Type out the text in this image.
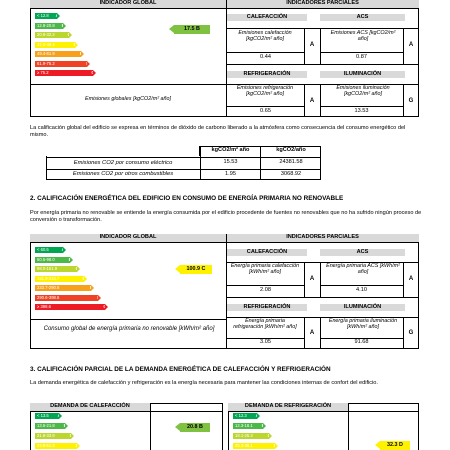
INDICADOR GLOBAL	INDICADORES PARCIALES
< 12.8 A
12.8-20.8 B
20.8-32.2	C
32.2-49.4	D
49.4-61.9	E
61.9-75.2	F
≥ 75.2	G
17.5 B
Emisiones globales [kgCO2/m² año]
CALEFACCIÓN	ACS
Emisiones calefacción [kgCO2/m² año]
A
Emisiones ACS [kgCO2/m² año]
A
0.44	0.87
REFRIGERACIÓN	ILUMINACIÓN
Emisiones refrigeración [kgCO2/m² año]
A
Emisiones iluminación [kgCO2/m² año]
G
0.65	13.53
La calificación global del edificio se expresa en términos de dióxido de carbono liberado a la atmósfera como consecuencia del consumo energético del mismo.
kgCO2/m² año	kgCO2/año
Emisiones CO2 por consumo eléctrico	15.53	24381.58
Emisiones CO2 por otros combustibles	1.95	3068.92
2. CALIFICACIÓN ENERGÉTICA DEL EDIFICIO EN CONSUMO DE ENERGÍA PRIMARIA NO RENOVABLE
Por energía primaria no renovable se entiende la energía consumida por el edificio procedente de fuentes no renovables que no ha sufrido ningún proceso de conversión o transformación.
INDICADOR GLOBAL	INDICADORES PARCIALES
< 60.5	A
60.5-98.0	B
98.0-151.9	C
151.9-233.7	D
233.7-290.6	E
290.6-398.6	F
≥ 398.6	G
100.9 C
Consumo global de energía primaria no renovable [kWh/m² año]
CALEFACCIÓN	ACS
Energía primaria calefacción [kWh/m² año]
A
Energía primaria ACS [kWh/m² año]
A
2.08	4.10
REFRIGERACIÓN	ILUMINACIÓN
Energía primaria refrigeración [kWh/m² año]
A
Energía primaria iluminación [kWh/m² año]
G
3.05	91.68
3. CALIFICACIÓN PARCIAL DE LA DEMANDA ENERGÉTICA DE CALEFACCIÓN Y REFRIGERACIÓN
La demanda energética de calefacción y refrigeración es la energía necesaria para mantener las condiciones internas de confort del edificio.
DEMANDA DE CALEFACCIÓN
< 13.5 A
13.5-21.8 B
21.8-33.8	C
33.8-51.9	D
20.8 B
DEMANDA DE REFRIGERACIÓN
< 12.3 A
12.3-18.1 B
18.1-25.3	C
25.3-36.1	D	32.3 D
